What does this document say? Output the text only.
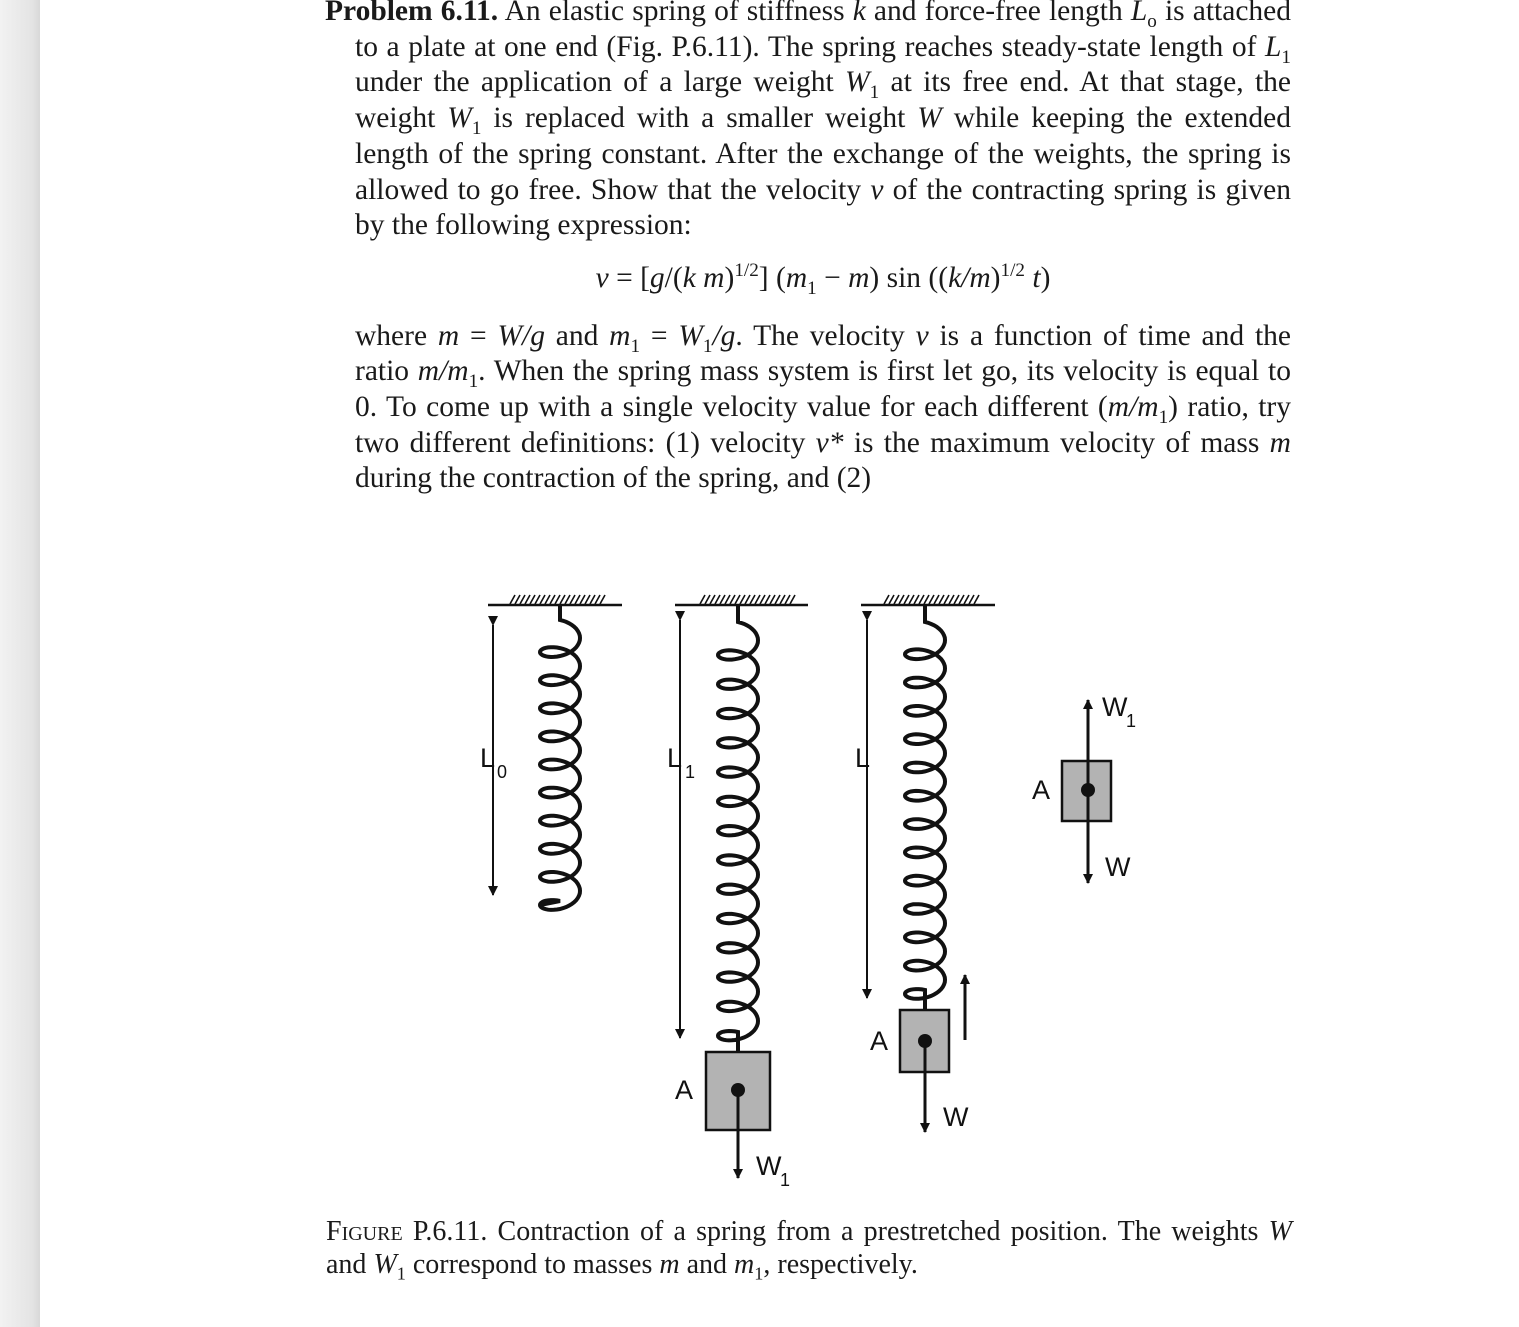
Problem 6.11. An elastic spring of stiffness k and force-free length $L_o$ is attached to a plate at one end (Fig. P.6.11). The spring reaches steady-state length of $L_1$ under the application of a large weight $W_1$ at its free end. At that stage, the weight $W_1$ is replaced with a smaller weight W while keeping the extended length of the spring constant. After the exchange of the weights, the spring is allowed to go free. Show that the velocity v of the contracting spring is given by the following expression:

v = [g/(k m)$^{1/2}$] $(m_1 - m)$ $\sin ((k/m)^{1/2}$ t)

where m = W/g and $m_1 = W_1/g$. The velocity v is a function of time and the ratio $m/m_1$. When the spring mass system is first let go, its velocity is equal to 0. To come up with a single velocity value for each different $(m/m_1)$ ratio, try two different definitions: (1) velocity v* is the maximum velocity of mass m during the contraction of the spring, and (2)

L 0	L 1	L
A
W
1
A
W
A
W
1
W
Figure P.6.11. Contraction of a spring from a prestretched position. The weights W and $W_1$ correspond to masses m and $m_1$, respectively.
